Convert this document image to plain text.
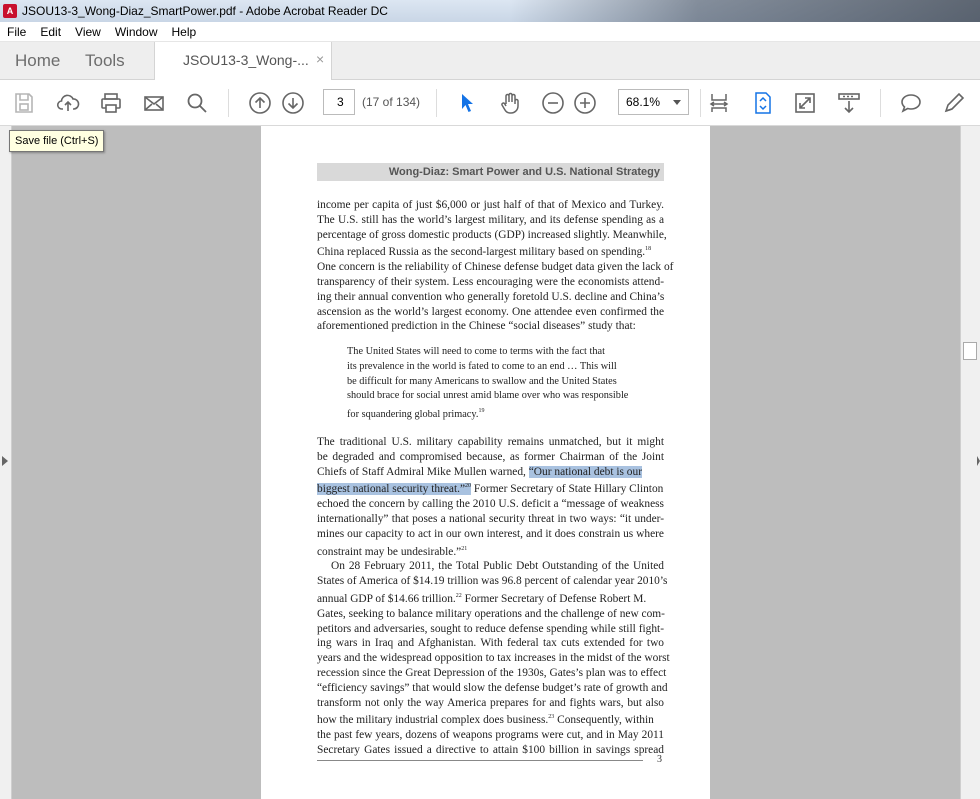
A JSOU13-3_Wong-Diaz_SmartPower.pdf - Adobe Acrobat Reader DC
File	Edit	View	Window	Help
Home Tools	JSOU13-3_Wong-... ×
3
(17 of 134)	68.1%
Wong-Diaz: Smart Power and U.S. National Strategy
income per capita of just $6,000 or just half of that of Mexico and Turkey.
The U.S. still has the world’s largest military, and its defense spending as a
percentage of gross domestic products (GDP) increased slightly. Meanwhile,
China replaced Russia as the second-largest military based on spending.$^{18}$
One concern is the reliability of Chinese defense budget data given the lack of
transparency of their system. Less encouraging were the economists attend-
ing their annual convention who generally foretold U.S. decline and China’s
ascension as the world’s largest economy. One attendee even confirmed the
aforementioned prediction in the Chinese “social diseases” study that:
The United States will need to come to terms with the fact that
its prevalence in the world is fated to come to an end … This will
be difficult for many Americans to swallow and the United States
should brace for social unrest amid blame over who was responsible
for squandering global primacy.$^{19}$
The traditional U.S. military capability remains unmatched, but it might
be degraded and compromised because, as former Chairman of the Joint
Chiefs of Staff Admiral Mike Mullen warned, “Our national debt is our
biggest national security threat.”$^{20}$ Former Secretary of State Hillary Clinton
echoed the concern by calling the 2010 U.S. deficit a “message of weakness
internationally” that poses a national security threat in two ways: “it under-
mines our capacity to act in our own interest, and it does constrain us where
constraint may be undesirable.”$^{21}$
On 28 February 2011, the Total Public Debt Outstanding of the United
States of America of $14.19 trillion was 96.8 percent of calendar year 2010’s
annual GDP of $14.66 trillion.$^{22}$ Former Secretary of Defense Robert M.
Gates, seeking to balance military operations and the challenge of new com-
petitors and adversaries, sought to reduce defense spending while still fight-
ing wars in Iraq and Afghanistan. With federal tax cuts extended for two
years and the widespread opposition to tax increases in the midst of the worst
recession since the Great Depression of the 1930s, Gates’s plan was to effect
“efficiency savings” that would slow the defense budget’s rate of growth and
transform not only the way America prepares for and fights wars, but also
how the military industrial complex does business.$^{23}$ Consequently, within
the past few years, dozens of weapons programs were cut, and in May 2011
Secretary Gates issued a directive to attain $100 billion in savings spread
3
Save file (Ctrl+S)
